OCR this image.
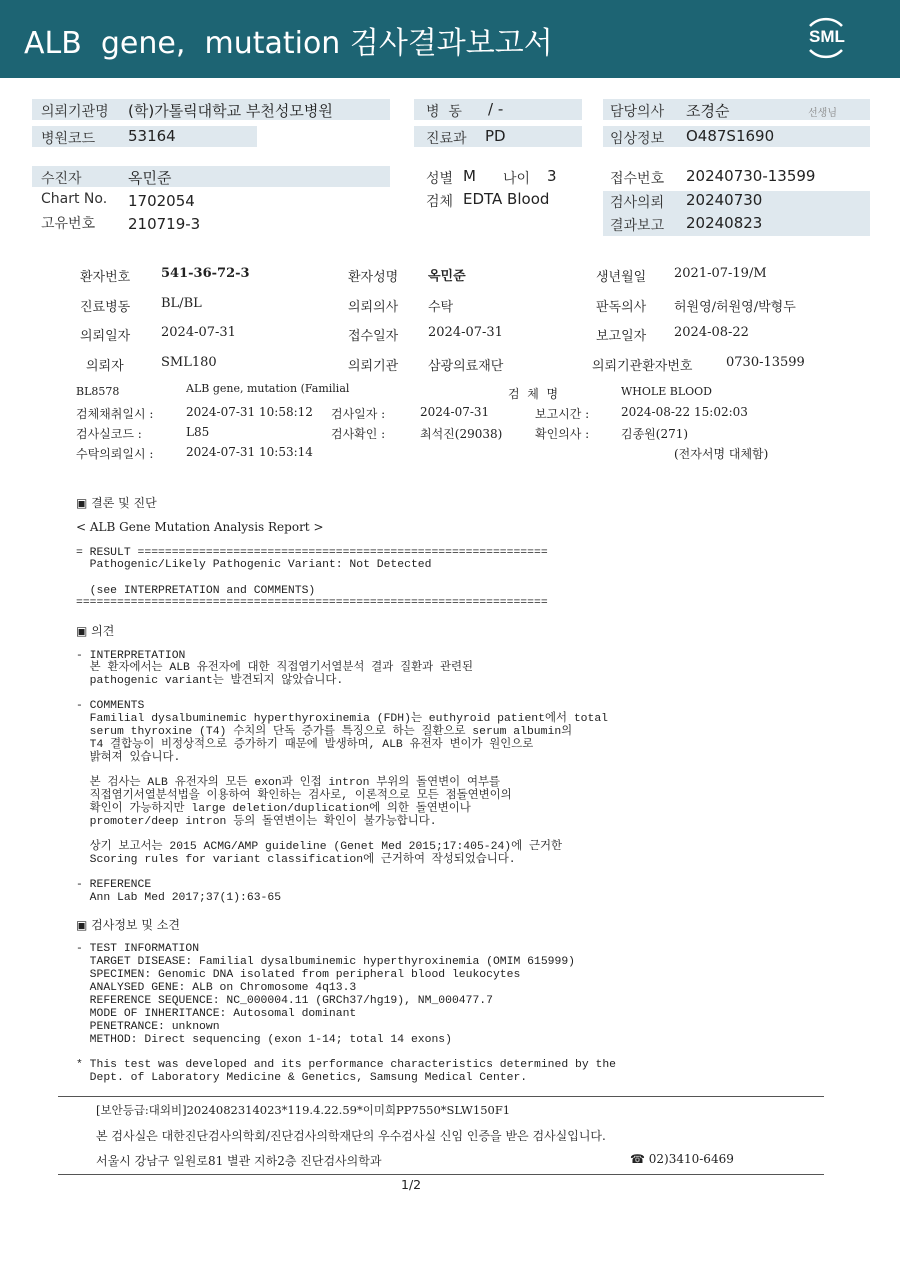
ALB  gene,  mutation 검사결과보고서	SML
의뢰기관명 (학)가톨릭대학교 부천성모병원
병원코드 53164
병  동 / -
진료과 PD
담당의사 조경순	선생님
임상정보 O487S1690
수진자	옥민준
Chart No. 1702054
고유번호 210719-3
성별 M 나이 3
검체 EDTA Blood
접수번호 20240730-13599
검사의뢰 20240730
결과보고 20240823
환자번호 541-36-72-3	환자성명 옥민준	생년월일 2021-07-19/M
진료병동 BL/BL	의뢰의사 수탁	판독의사 허원영/허원영/박형두
의뢰일자 2024-07-31	접수일자 2024-07-31	보고일자 2024-08-22
의뢰자	SML180	의뢰기관 삼광의료재단	의뢰기관환자번호	0730-13599
BL8578	ALB gene, mutation (Familial	검  체  명	WHOLE BLOOD
검체채취일시 :	2024-07-31 10:58:12 검사일자 :	2024-07-31	보고시간 :	2024-08-22 15:02:03
검사실코드 :	L85	검사확인 :	최석진(29038)	확인의사 :	김종원(271)
수탁의뢰일시 :	2024-07-31 10:53:14	(전자서명 대체함)
▣ 결론 및 진단
< ALB Gene Mutation Analysis Report >
= RESULT ============================================================
Pathogenic/Likely Pathogenic Variant: Not Detected
(see INTERPRETATION and COMMENTS)
=====================================================================
▣ 의견
- INTERPRETATION
본 환자에서는 ALB 유전자에 대한 직접염기서열분석 결과 질환과 관련된
pathogenic variant는 발견되지 않았습니다.
- COMMENTS
Familial dysalbuminemic hyperthyroxinemia (FDH)는 euthyroid patient에서 total
serum thyroxine (T4) 수치의 단독 증가를 특징으로 하는 질환으로 serum albumin의
T4 결합능이 비정상적으로 증가하기 때문에 발생하며, ALB 유전자 변이가 원인으로
밝혀져 있습니다.
본 검사는 ALB 유전자의 모든 exon과 인접 intron 부위의 돌연변이 여부를
직접염기서열분석법을 이용하여 확인하는 검사로, 이론적으로 모든 점돌연변이의
확인이 가능하지만 large deletion/duplication에 의한 돌연변이나
promoter/deep intron 등의 돌연변이는 확인이 불가능합니다.
상기 보고서는 2015 ACMG/AMP guideline (Genet Med 2015;17:405-24)에 근거한
Scoring rules for variant classification에 근거하여 작성되었습니다.
- REFERENCE
Ann Lab Med 2017;37(1):63-65
▣ 검사정보 및 소견
- TEST INFORMATION
TARGET DISEASE: Familial dysalbuminemic hyperthyroxinemia (OMIM 615999)
SPECIMEN: Genomic DNA isolated from peripheral blood leukocytes
ANALYSED GENE: ALB on Chromosome 4q13.3
REFERENCE SEQUENCE: NC_000004.11 (GRCh37/hg19), NM_000477.7
MODE OF INHERITANCE: Autosomal dominant
PENETRANCE: unknown
METHOD: Direct sequencing (exon 1-14; total 14 exons)
* This test was developed and its performance characteristics determined by the
Dept. of Laboratory Medicine & Genetics, Samsung Medical Center.
[보안등급:대외비]2024082314023*119.4.22.59*이미희PP7550*SLW150F1
본 검사실은 대한진단검사의학회/진단검사의학재단의 우수검사실 신임 인증을 받은 검사실입니다.
서울시 강남구 일원로81 별관 지하2층 진단검사의학과	☎ 02)3410-6469
1/2
